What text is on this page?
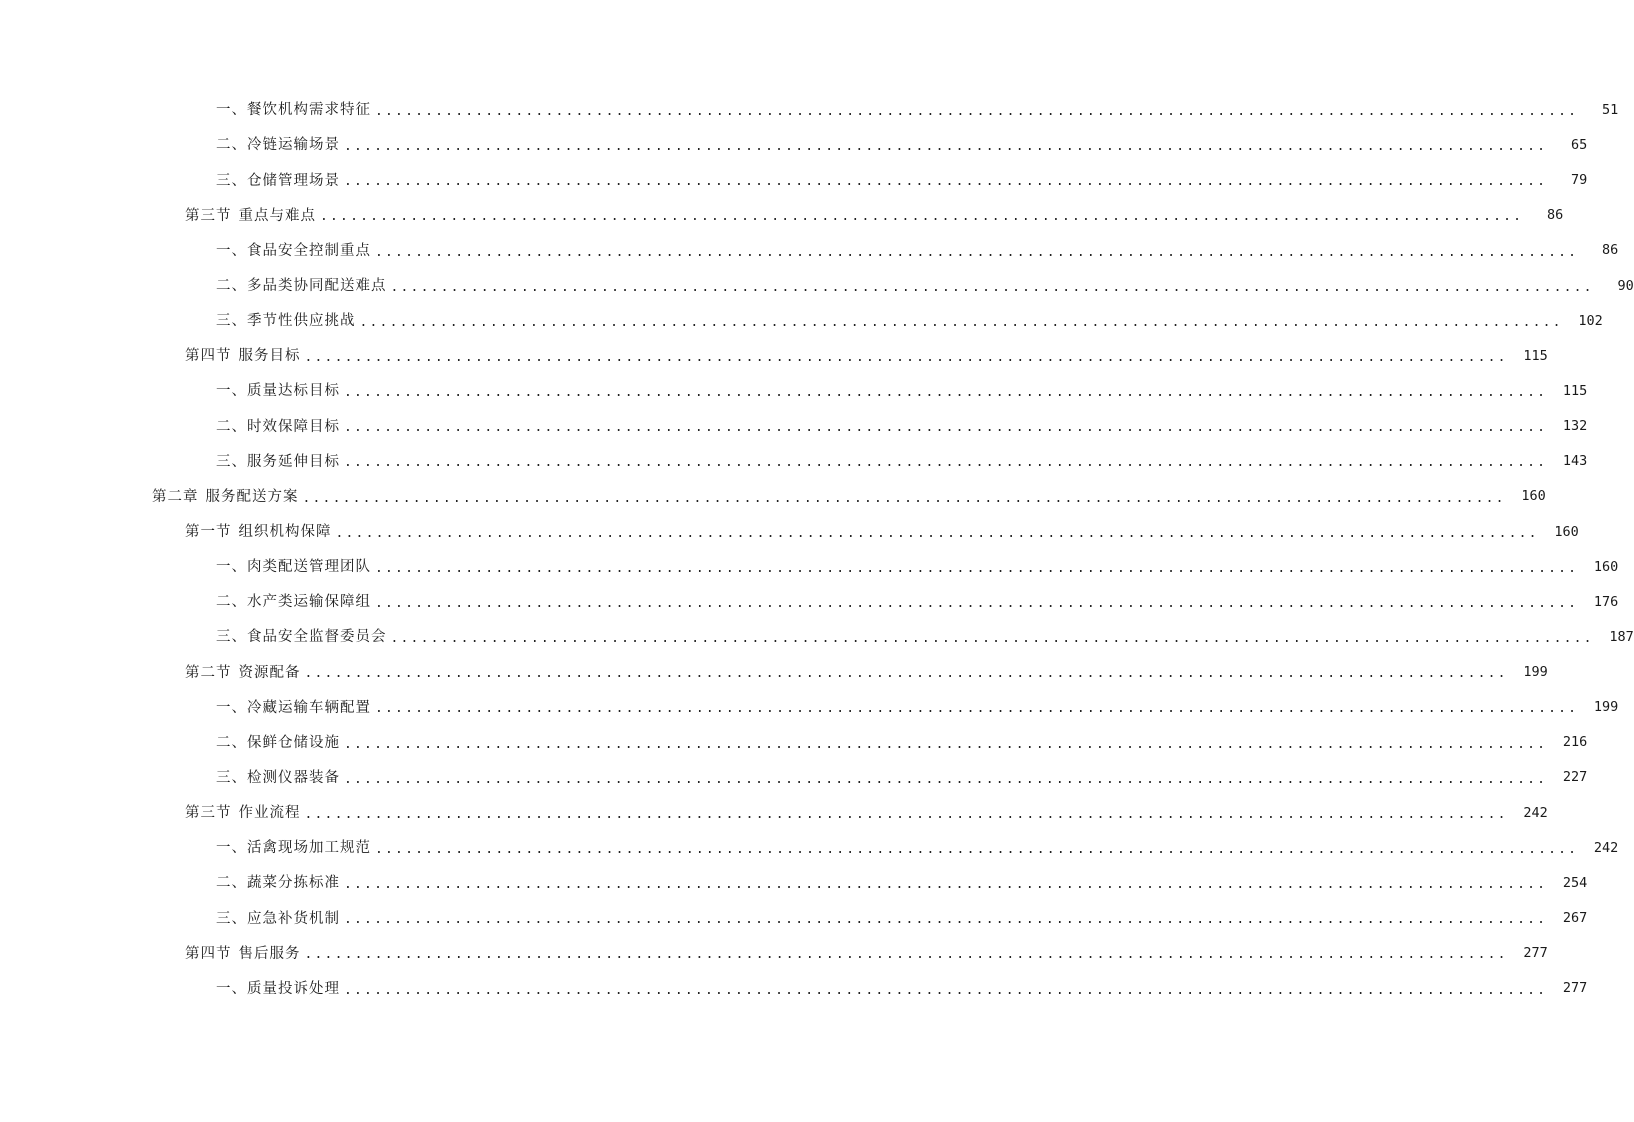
一、 餐饮机构需求特征 ........................................................................................................................	51
二、 冷链运输场景 ........................................................................................................................	65
三、 仓储管理场景 ........................................................................................................................	79
第三节 重点与难点 ........................................................................................................................	86
一、 食品安全控制重点 ........................................................................................................................	86
二、 多品类协同配送难点 ........................................................................................................................	90
三、 季节性供应挑战 ........................................................................................................................	102
第四节 服务目标 ........................................................................................................................	115
一、 质量达标目标 ........................................................................................................................	115
二、 时效保障目标 ........................................................................................................................	132
三、 服务延伸目标 ........................................................................................................................	143
第二章 服务配送方案 ........................................................................................................................	160
第一节 组织机构保障 ........................................................................................................................	160
一、 肉类配送管理团队 ........................................................................................................................	160
二、 水产类运输保障组 ........................................................................................................................	176
三、 食品安全监督委员会 ........................................................................................................................	187
第二节 资源配备 ........................................................................................................................	199
一、 冷藏运输车辆配置 ........................................................................................................................	199
二、 保鲜仓储设施 ........................................................................................................................	216
三、 检测仪器装备 ........................................................................................................................	227
第三节 作业流程 ........................................................................................................................	242
一、 活禽现场加工规范 ........................................................................................................................	242
二、 蔬菜分拣标准 ........................................................................................................................	254
三、 应急补货机制 ........................................................................................................................	267
第四节 售后服务 ........................................................................................................................	277
一、 质量投诉处理 ........................................................................................................................	277
